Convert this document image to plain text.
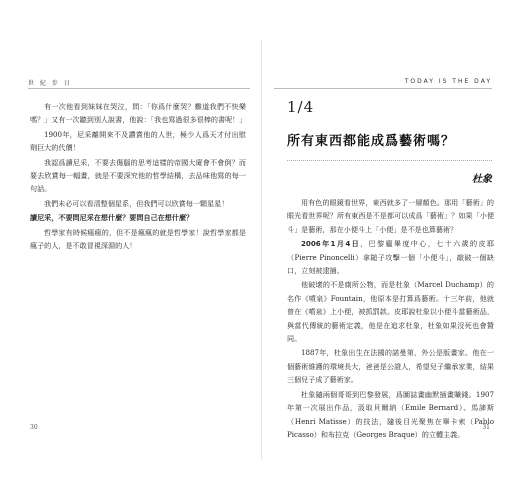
世 紀 步 日

有一次他看到妹妹在哭泣，問：「你爲什麼哭？難道我們不快樂嗎？」又有一次聽到別人說書，他說：「我也寫過很多很棒的書呢！」

1900年，尼采離開來不及讚賞他的人世，極少人爲天才付出慰劑巨大的代價！

我認爲讀尼采，不要去傷腦的思考這樣的帝國大廈會不會倒？而要去欣賞每一幅畫，就是不要深究他的哲學結構，去品味他寫的每一句話。

我們未必可以看清整個星系，但我們可以欣賞每一顆星星！

讀尼采，不要問尼采在想什麼？要問自己在想什麼？

哲學家有時候瘋瘋的，但不是瘋瘋的就是哲學家！說哲學家都是瘋子的人，是不敢冒視深淵的人！

30
TODAY IS THE DAY
1/4
所有東西都能成爲藝術嗎？
杜象

用有色的眼鏡看世界，東西就多了一層顏色。那用「藝術」的眼光看世界呢？所有東西是不是都可以成爲「藝術」？如果「小便斗」是藝術，那在小便斗上「小便」是不是也算藝術？

2006年1月4日，巴黎龐畢度中心，七十六歲的皮耶（Pierre Pinoncelli）拿鎚子攻擊一個「小便斗」，敲破一個缺口，立刻被逮捕。

他破壞的不是廁所公物，而是杜象（Marcel Duchamp）的名作《噴泉》Fountain，他原本是打算爲藝術。十三年前，他就曾在《噴泉》上小便，被抓罰款。皮耶說杜象以小便斗當藝術品，與當代傳統的藝術定義，他是在追求杜象，杜象如果沒死也會贊同。

1887年，杜象出生在法國的諾曼第，外公是版畫家。他在一個藝術維護的環境長大，爸爸是公證人，希望兒子繼承家業，結果三個兒子成了藝術家。

杜象隨兩個哥哥到巴黎發展，爲圖誌畫幽默插畫賺錢。1907年第一次展出作品，汲取貝爾納（Emile Bernard）、馬諦斯（Henri Matisse）的技法，隨後目光聚焦在畢卡索（Pablo Picasso）和布拉克（Georges Braque）的立體主義。

31
